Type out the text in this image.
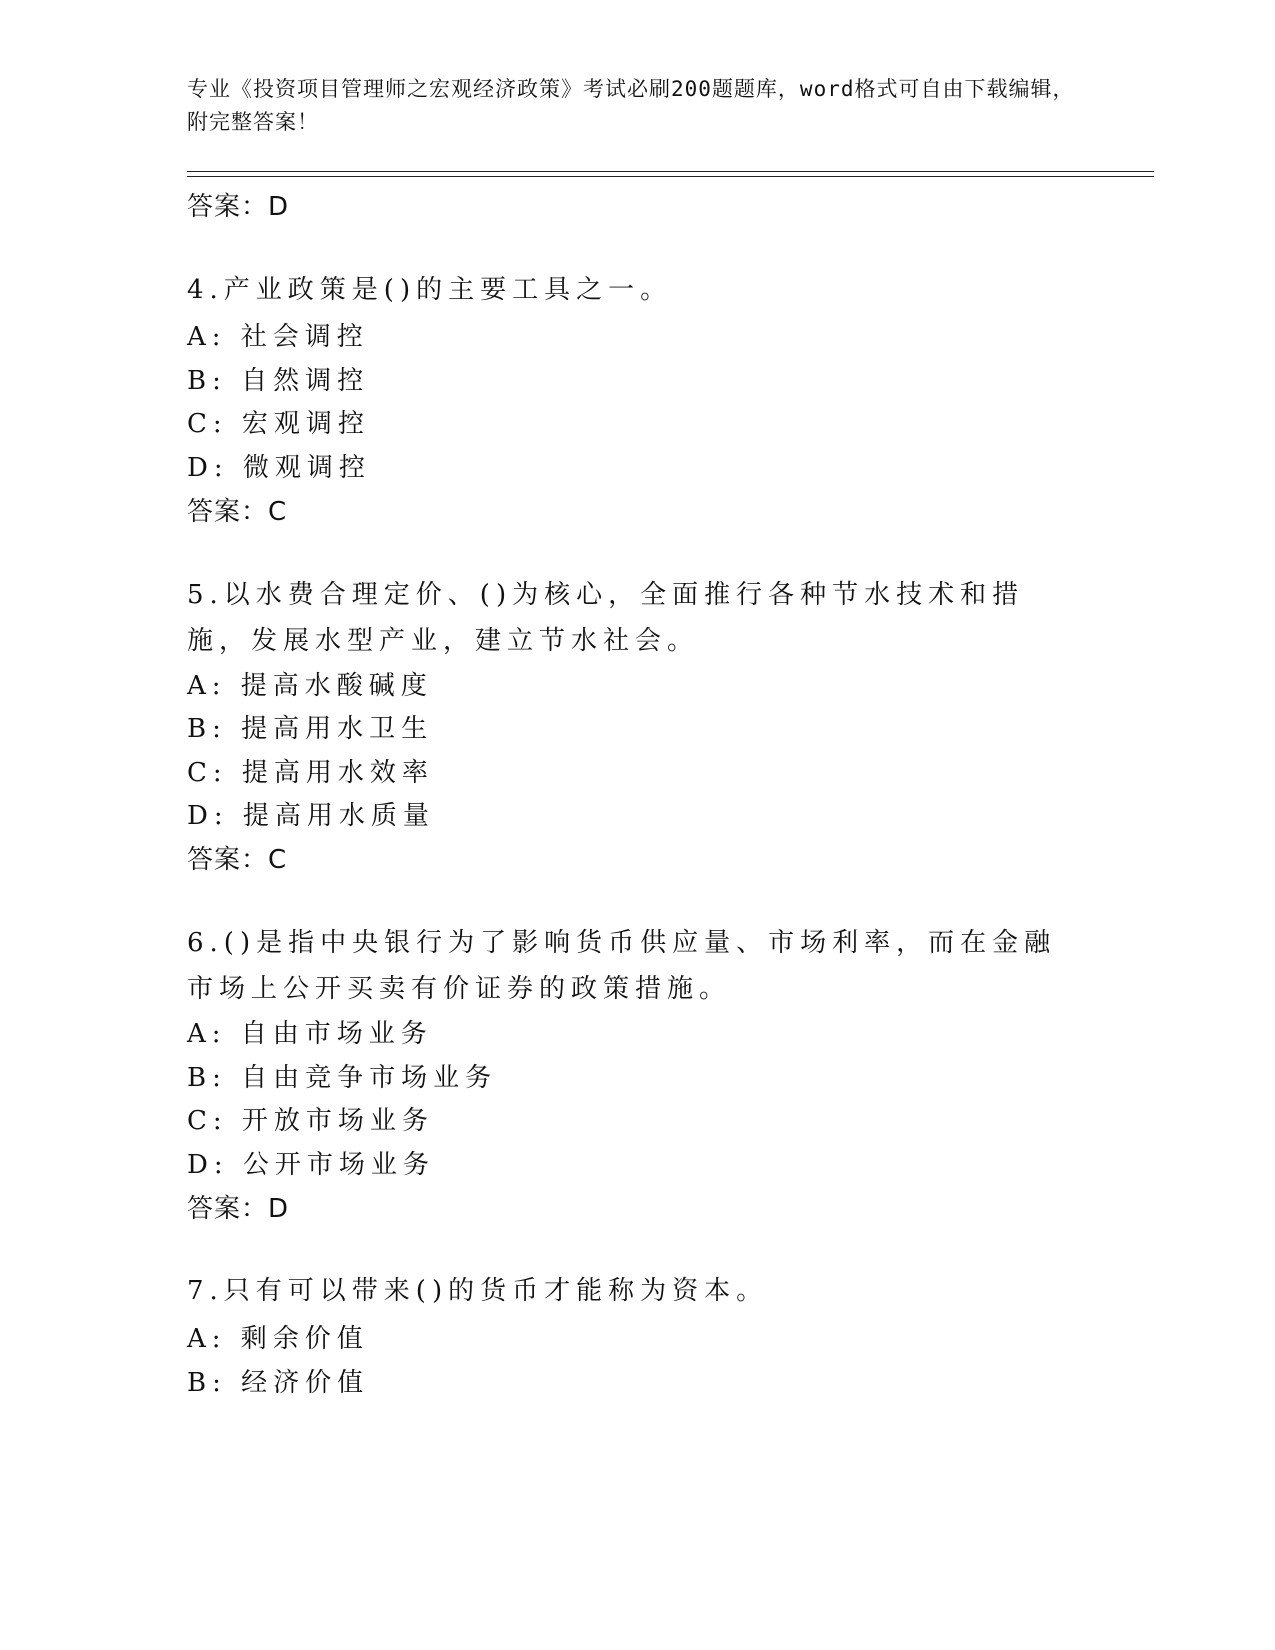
专业《投资项目管理师之宏观经济政策》考试必刷200题题库，word格式可自由下载编辑，附完整答案！
答案：D
4.产业政策是()的主要工具之一。
A: 社会调控
B: 自然调控
C: 宏观调控
D: 微观调控
答案：C
5.以水费合理定价、()为核心，全面推行各种节水技术和措施，发展水型产业，建立节水社会。
A: 提高水酸碱度
B: 提高用水卫生
C: 提高用水效率
D: 提高用水质量
答案：C
6.()是指中央银行为了影响货币供应量、市场利率，而在金融市场上公开买卖有价证券的政策措施。
A: 自由市场业务
B: 自由竞争市场业务
C: 开放市场业务
D: 公开市场业务
答案：D
7.只有可以带来()的货币才能称为资本。
A: 剩余价值
B: 经济价值
